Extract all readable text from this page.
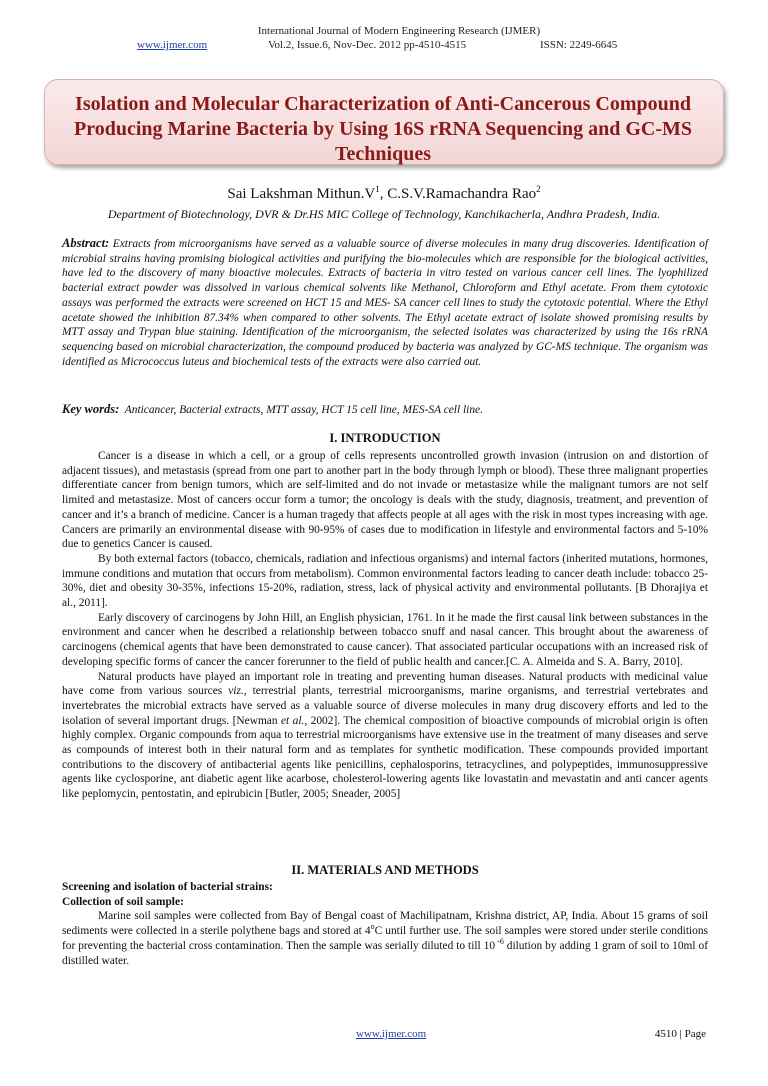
International Journal of Modern Engineering Research (IJMER)
www.ijmer.com	Vol.2, Issue.6, Nov-Dec. 2012 pp-4510-4515	ISSN: 2249-6645
Isolation and Molecular Characterization of Anti-Cancerous Compound Producing Marine Bacteria by Using 16S rRNA Sequencing and GC-MS Techniques
Sai Lakshman $Mithun.V^1$, C.S.V.Ramachandra Rao$^2$
Department of Biotechnology, DVR & Dr.HS MIC College of Technology, Kanchikacherla, Andhra Pradesh, India.
Abstract: Extracts from microorganisms have served as a valuable source of diverse molecules in many drug discoveries. Identification of microbial strains having promising biological activities and purifying the bio-molecules which are responsible for the biological activities, have led to the discovery of many bioactive molecules. Extracts of bacteria in vitro tested on various cancer cell lines. The lyophilized bacterial extract powder was dissolved in various chemical solvents like Methanol, Chloroform and Ethyl acetate. From them cytotoxic assays was performed the extracts were screened on HCT 15 and MES- SA cancer cell lines to study the cytotoxic potential. Where the Ethyl acetate showed the inhibition 87.34% when compared to other solvents. The Ethyl acetate extract of isolate showed promising results by MTT assay and Trypan blue staining. Identification of the microorganism, the selected isolates was characterized by using the 16s rRNA sequencing based on microbial characterization, the compound produced by bacteria was analyzed by GC-MS technique. The organism was identified as Micrococcus luteus and biochemical tests of the extracts were also carried out.
Key words: Anticancer, Bacterial extracts, MTT assay, HCT 15 cell line, MES-SA cell line.
I. INTRODUCTION

Cancer is a disease in which a cell, or a group of cells represents uncontrolled growth invasion (intrusion on and distortion of adjacent tissues), and metastasis (spread from one part to another part in the body through lymph or blood). These three malignant properties differentiate cancer from benign tumors, which are self-limited and do not invade or metastasize while the malignant tumors are not self limited and metastasize. Most of cancers occur form a tumor; the oncology is deals with the study, diagnosis, treatment, and prevention of cancer and it’s a branch of medicine. Cancer is a human tragedy that affects people at all ages with the risk in most types increasing with age. Cancers are primarily an environmental disease with 90-95% of cases due to modification in lifestyle and environmental factors and 5-10% due to genetics Cancer is caused.

By both external factors (tobacco, chemicals, radiation and infectious organisms) and internal factors (inherited mutations, hormones, immune conditions and mutation that occurs from metabolism). Common environmental factors leading to cancer death include: tobacco 25-30%, diet and obesity 30-35%, infections 15-20%, radiation, stress, lack of physical activity and environmental pollutants. [B Dhorajiya et al., 2011].

Early discovery of carcinogens by John Hill, an English physician, 1761. In it he made the first causal link between substances in the environment and cancer when he described a relationship between tobacco snuff and nasal cancer. This brought about the awareness of carcinogens (chemical agents that have been demonstrated to cause cancer). That associated particular occupations with an increased risk of developing specific forms of cancer the cancer forerunner to the field of public health and cancer.[C. A. Almeida and S. A. Barry, 2010].

Natural products have played an important role in treating and preventing human diseases. Natural products with medicinal value have come from various sources viz., terrestrial plants, terrestrial microorganisms, marine organisms, and terrestrial vertebrates and invertebrates the microbial extracts have served as a valuable source of diverse molecules in many drug discovery efforts and led to the isolation of several important drugs. [Newman et al., 2002]. The chemical composition of bioactive compounds of microbial origin is often highly complex. Organic compounds from aqua to terrestrial microorganisms have extensive use in the treatment of many diseases and serve as compounds of interest both in their natural form and as templates for synthetic modification. These compounds provided important contributions to the discovery of antibacterial agents like penicillins, cephalosporins, tetracyclines, and polypeptides, immunosuppressive agents like cyclosporine, ant diabetic agent like acarbose, cholesterol-lowering agents like lovastatin and mevastatin and anti cancer agents like peplomycin, pentostatin, and epirubicin [Butler, 2005; Sneader, 2005]

II. MATERIALS AND METHODS

Screening and isolation of bacterial strains:

Collection of soil sample:

Marine soil samples were collected from Bay of Bengal coast of Machilipatnam, Krishna district, AP, India. About 15 grams of soil sediments were collected in a sterile polythene bags and stored at 4$^o$C until further use. The soil samples were stored under sterile conditions for preventing the bacterial cross contamination. Then the sample was serially diluted to till 10 $^{-6}$ dilution by adding 1 gram of soil to 10ml of distilled water.

www.ijmer.com	4510 | Page
